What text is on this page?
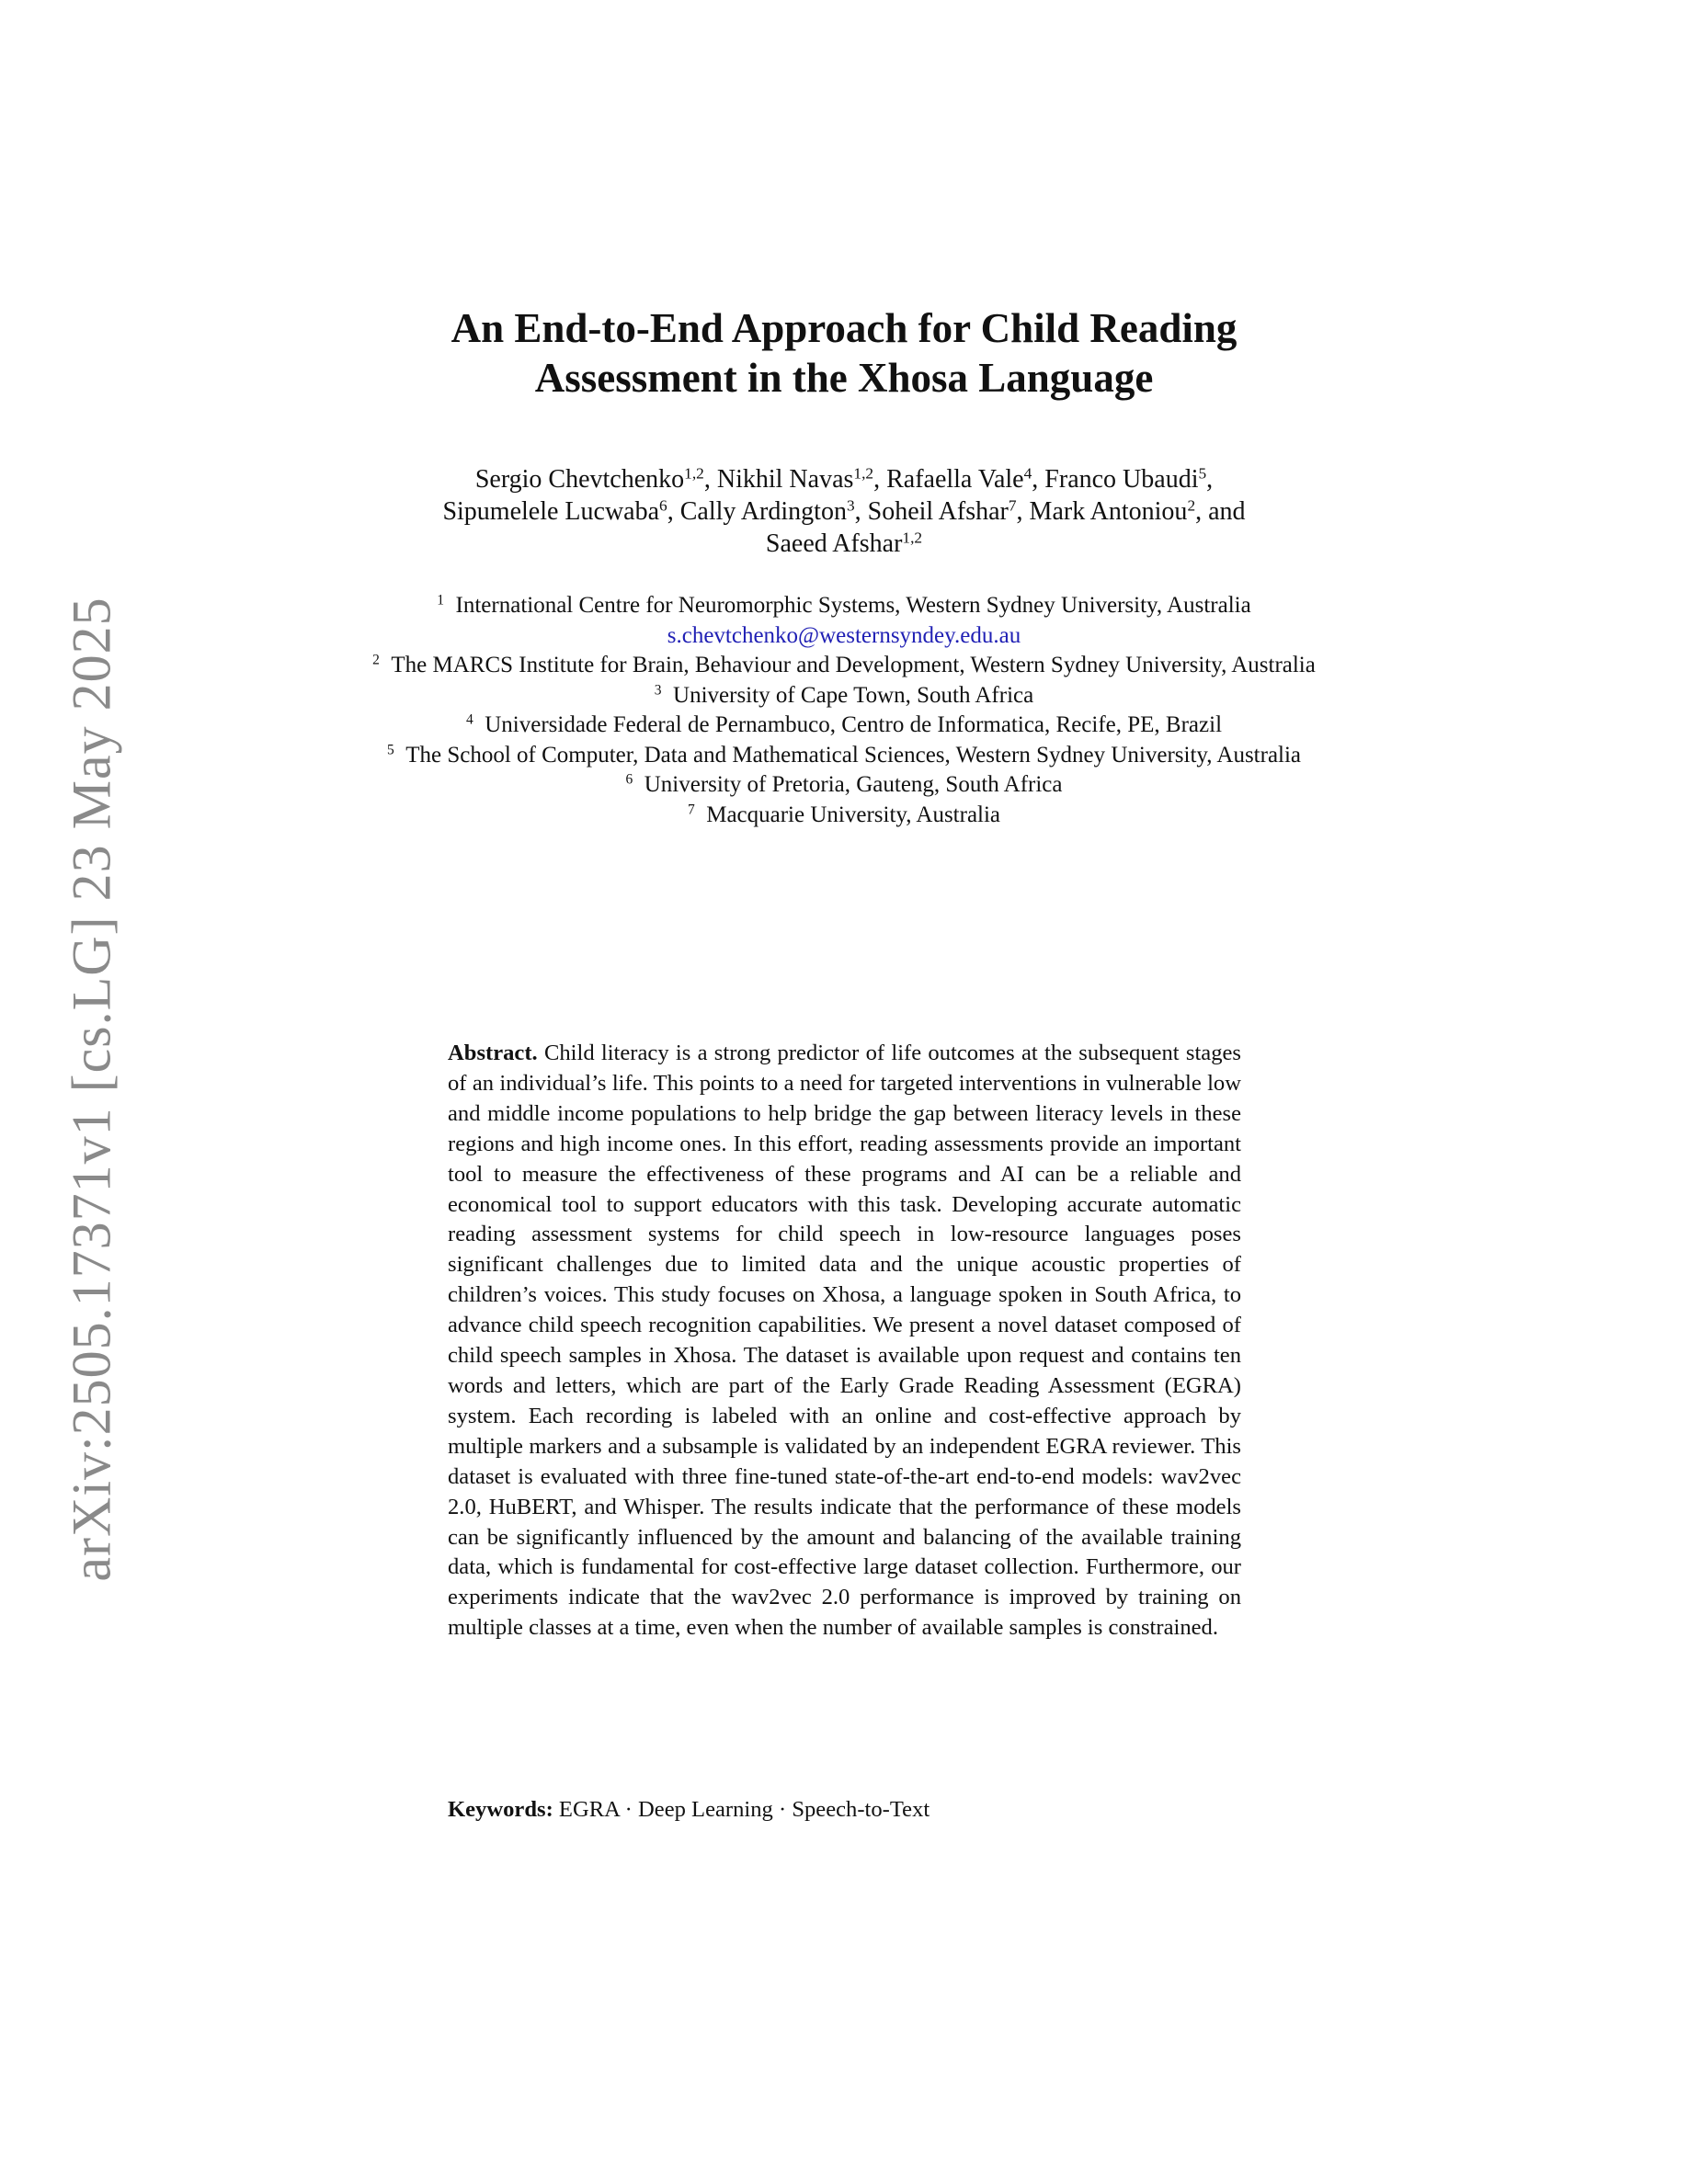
arXiv:2505.17371v1 [cs.LG] 23 May 2025
An End-to-End Approach for Child Reading
Assessment in the Xhosa Language
Sergio Chevtchenko$^{1,2}$, Nikhil Navas$^{1,2}$, Rafaella Vale$^4$, Franco Ubaudi$^5$,
Sipumelele Lucwaba$^6$, Cally Ardington$^3$, Soheil Afshar$^7$, Mark Antoniou$^2$, and
Saeed Afshar$^{1,2}$
$^1$  International Centre for Neuromorphic Systems, Western Sydney University, Australia
s.chevtchenko@westernsyndey.edu.au
$^2$  The MARCS Institute for Brain, Behaviour and Development, Western Sydney University, Australia
$^3$  University of Cape Town, South Africa
$^4$  Universidade Federal de Pernambuco, Centro de Informatica, Recife, PE, Brazil
$^5$  The School of Computer, Data and Mathematical Sciences, Western Sydney University, Australia
$^6$  University of Pretoria, Gauteng, South Africa
$^7$  Macquarie University, Australia
Abstract. Child literacy is a strong predictor of life outcomes at the subsequent stages of an individual’s life. This points to a need for targeted interventions in vulnerable low and middle income populations to help bridge the gap between literacy levels in these regions and high income ones. In this effort, reading assessments provide an important tool to measure the effectiveness of these programs and AI can be a reliable and economical tool to support educators with this task. Developing accurate automatic reading assessment systems for child speech in low-resource languages poses significant challenges due to limited data and the unique acoustic properties of children’s voices. This study focuses on Xhosa, a language spoken in South Africa, to advance child speech recognition capabilities. We present a novel dataset composed of child speech samples in Xhosa. The dataset is available upon request and contains ten words and letters, which are part of the Early Grade Reading Assessment (EGRA) system. Each recording is labeled with an online and cost-effective approach by multiple markers and a subsample is validated by an independent EGRA reviewer. This dataset is evaluated with three fine-tuned state-of-the-art end-to-end models: wav2vec 2.0, HuBERT, and Whisper. The results indicate that the performance of these models can be significantly influenced by the amount and balancing of the available training data, which is fundamental for cost-effective large dataset collection. Furthermore, our experiments indicate that the wav2vec 2.0 performance is improved by training on multiple classes at a time, even when the number of available samples is constrained.
Keywords: EGRA · Deep Learning · Speech-to-Text
